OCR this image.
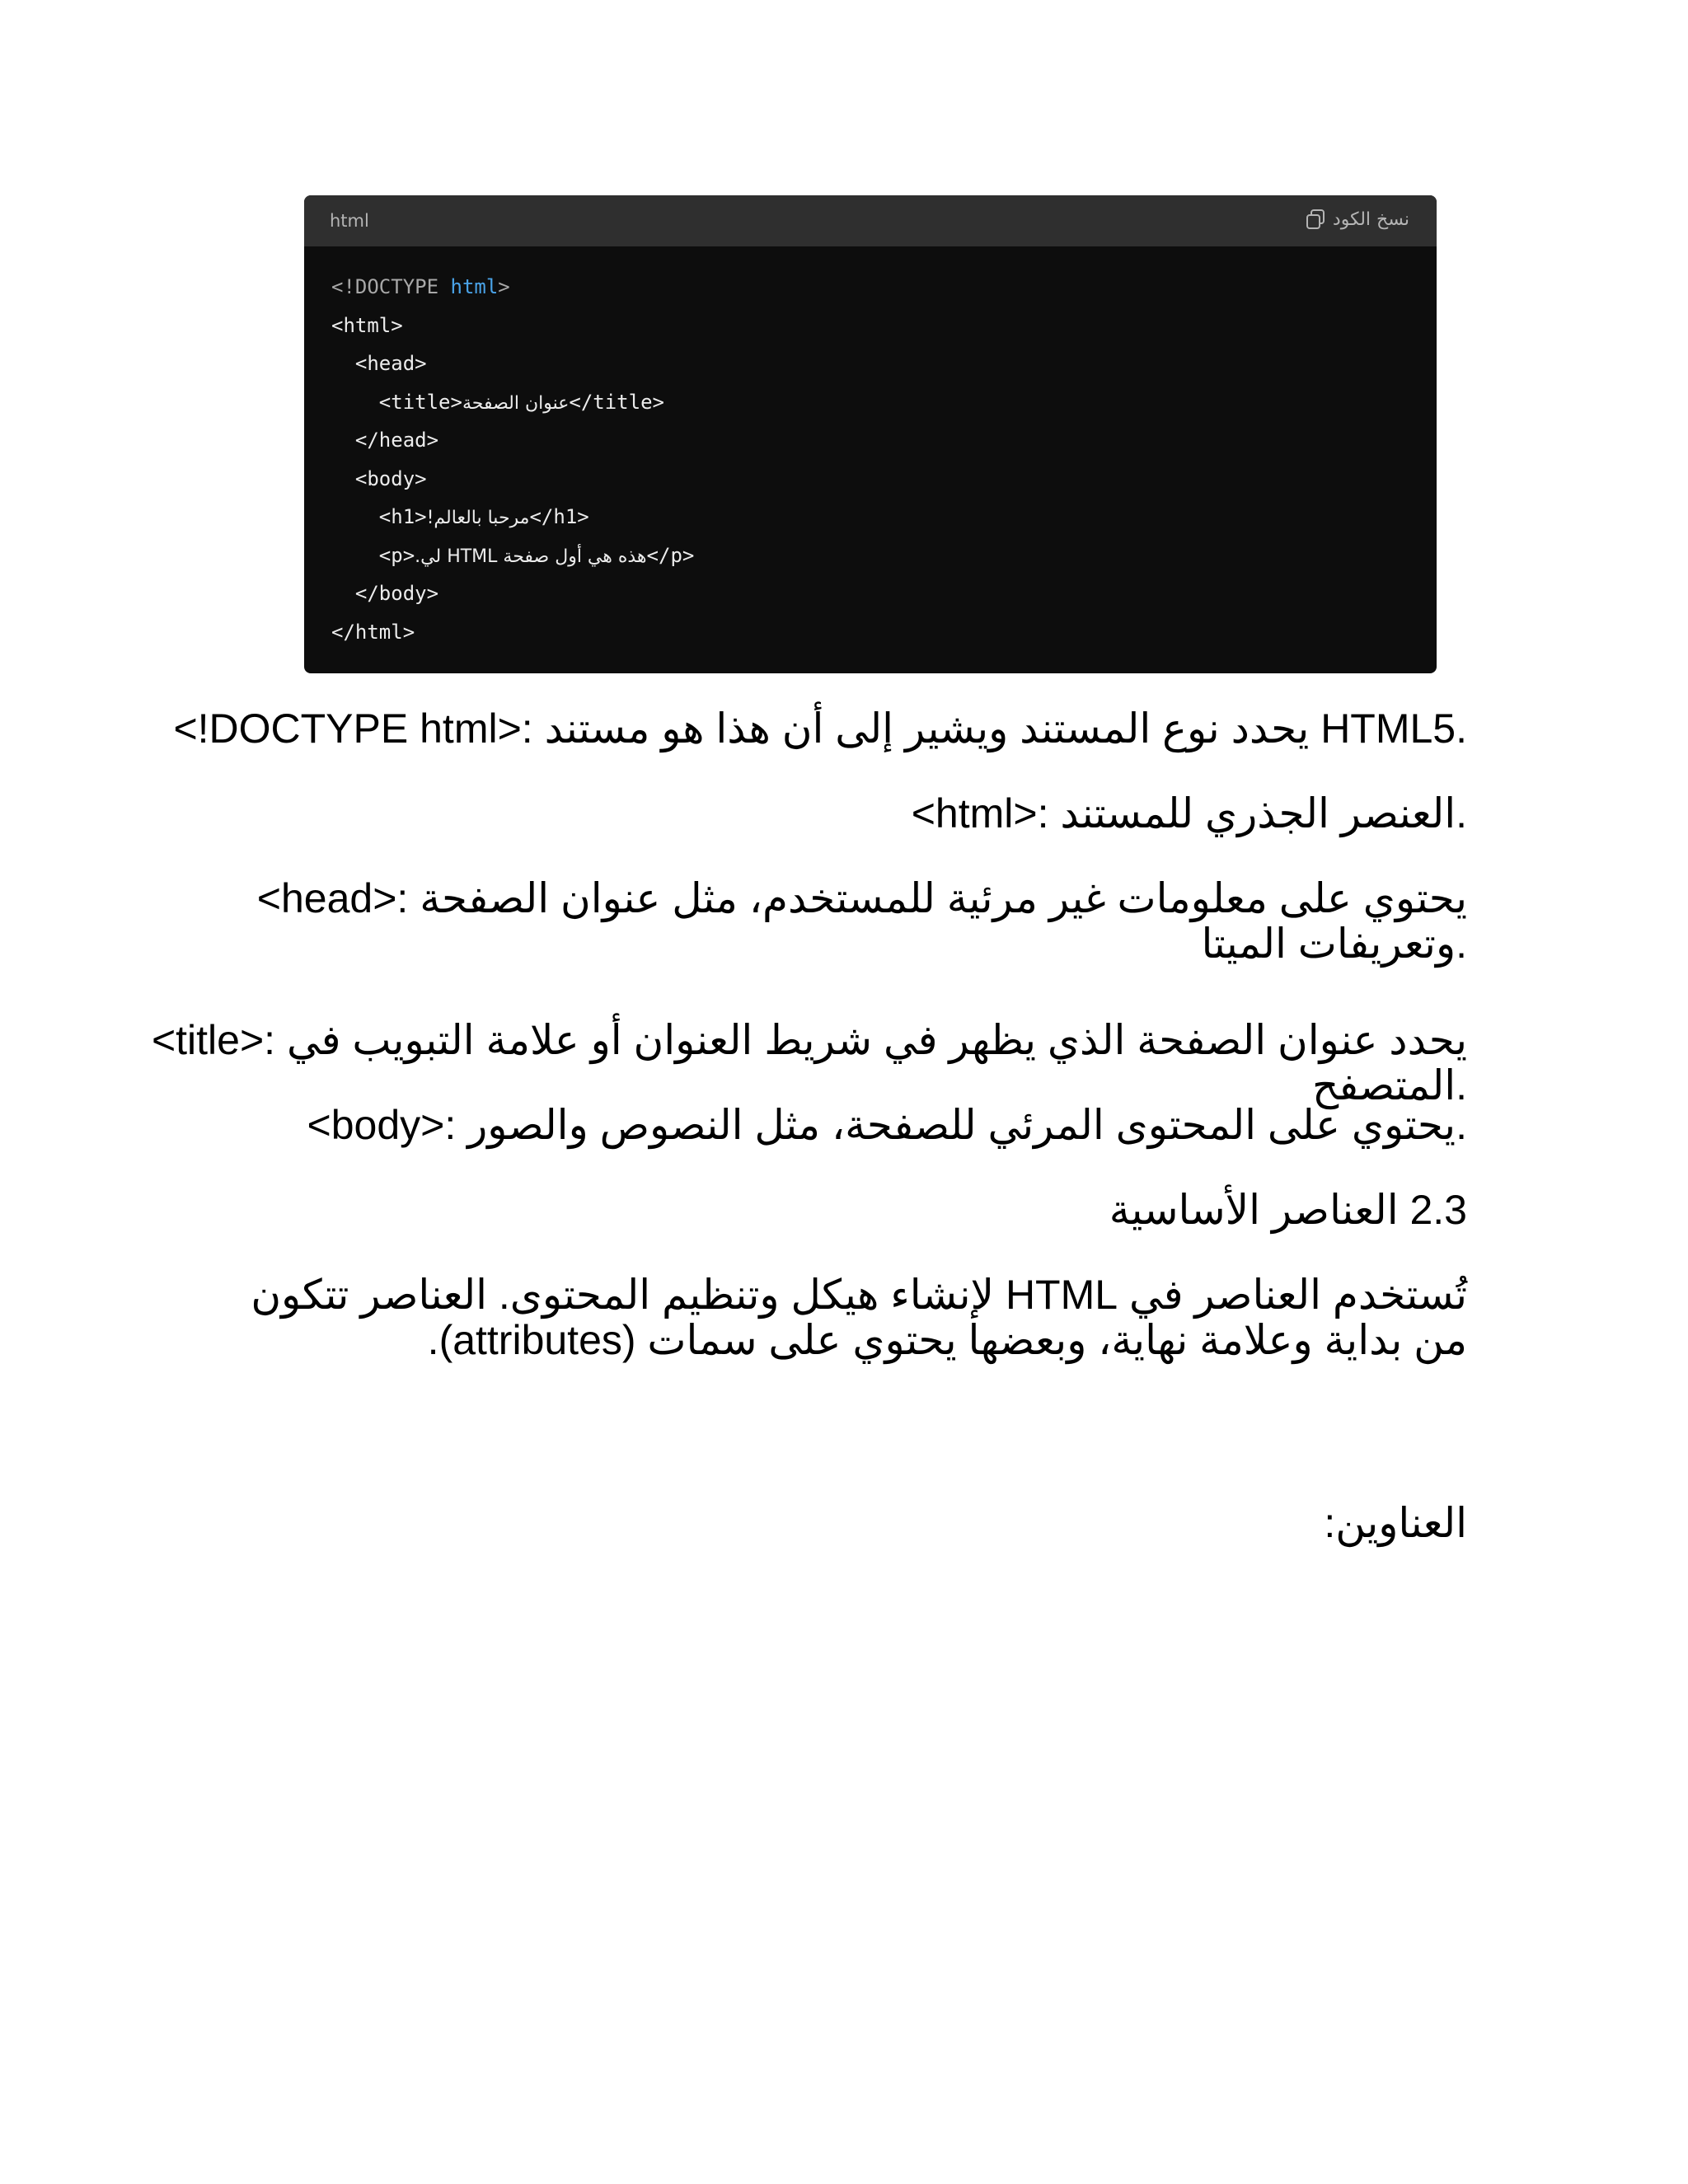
html	نسخ الكود
<!DOCTYPE html>
<html>
<head>
<title>عنوان الصفحة</title>
</head>
<body>
<h1>مرحبا بالعالم!</h1>
<p>هذه هي أول صفحة HTML لي.</p>
</body>
</html>
<!DOCTYPE html>: يحدد نوع المستند ويشير إلى أن هذا هو مستند HTML5.
<html>: العنصر الجذري للمستند.
<head>: يحتوي على معلومات غير مرئية للمستخدم، مثل عنوان الصفحة وتعريفات الميتا.
<title>: يحدد عنوان الصفحة الذي يظهر في شريط العنوان أو علامة التبويب في المتصفح.
<body>: يحتوي على المحتوى المرئي للصفحة، مثل النصوص والصور.
2.3 العناصر الأساسية
تُستخدم العناصر في HTML لإنشاء هيكل وتنظيم المحتوى. العناصر تتكون من بداية وعلامة نهاية، وبعضها يحتوي على سمات (attributes).
العناوين:
